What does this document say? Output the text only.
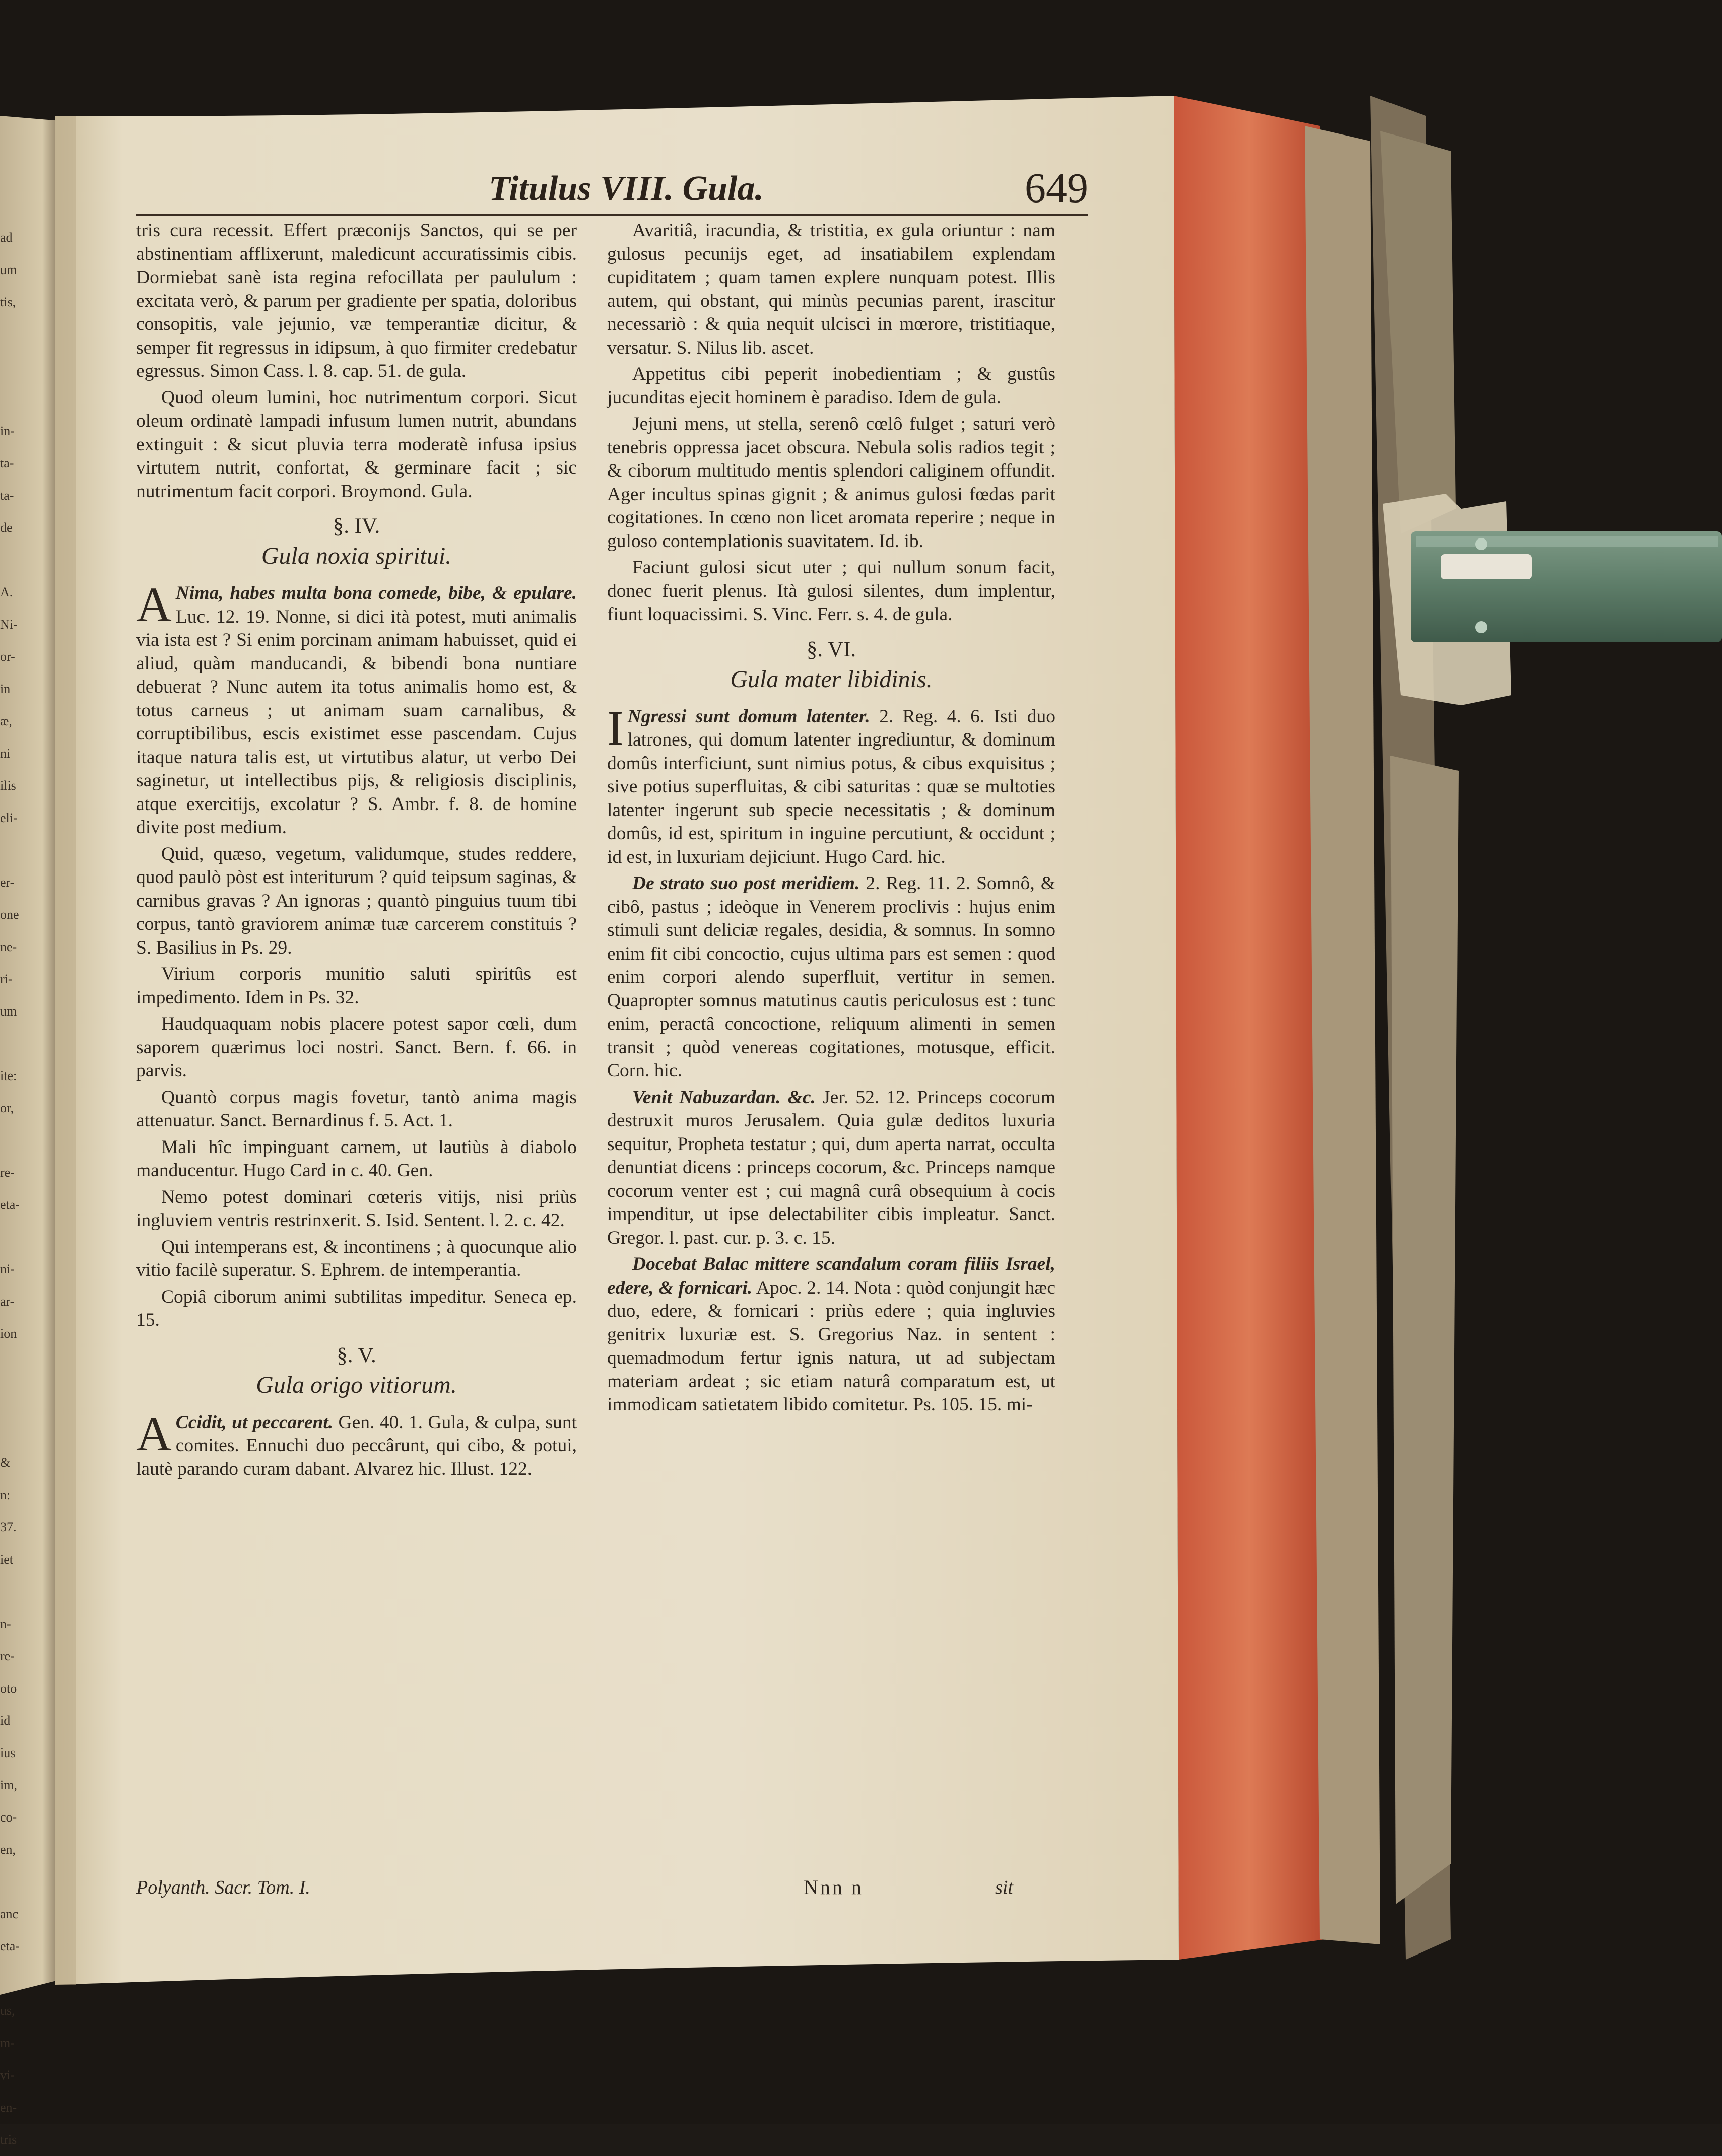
ad
um
tis,
in-
ta-
ta-
de
A.
Ni-
or-
in
æ,
ni
ilis
eli-
er-
one
ne-
ri-
um
ite:
or,
re-
eta-
ni-
ar-
ion
&
n:
37.
iet
n-
re-
oto
id
ius
im,
co-
en,
anc
eta-
us,
m-
vi-
en-
tris
Titulus VIII. Gula.	649

tris cura recessit. Effert præconijs Sanctos, qui se per abstinentiam afflixerunt, maledicunt accuratissimis cibis. Dormiebat sanè ista regina refocillata per paululum : excitata verò, & parum per gradiente per spatia, doloribus consopitis, vale jejunio, væ temperantiæ dicitur, & semper fit regressus in idipsum, à quo firmiter credebatur egressus. Simon Cass. l. 8. cap. 51. de gula.

Quod oleum lumini, hoc nutrimentum corpori. Sicut oleum ordinatè lampadi infusum lumen nutrit, abundans extinguit : & sicut pluvia terra moderatè infusa ipsius virtutem nutrit, confortat, & germinare facit ; sic nutrimentum facit corpori. Broymond. Gula.

§. IV.
Gula noxia spiritui.

A Nima, habes multa bona comede, bibe, & epulare. Luc. 12. 19. Nonne, si dici ità potest, muti animalis via ista est ? Si enim porcinam animam habuisset, quid ei aliud, quàm manducandi, & bibendi bona nuntiare debuerat ? Nunc autem ita totus animalis homo est, & totus carneus ; ut animam suam carnalibus, & corruptibilibus, escis existimet esse pascendam. Cujus itaque natura talis est, ut virtutibus alatur, ut verbo Dei saginetur, ut intellectibus pijs, & religiosis disciplinis, atque exercitijs, excolatur ? S. Ambr. f. 8. de homine divite post medium.

Quid, quæso, vegetum, validumque, studes reddere, quod paulò pòst est interiturum ? quid teipsum saginas, & carnibus gravas ? An ignoras ; quantò pinguius tuum tibi corpus, tantò graviorem animæ tuæ carcerem constituis ? S. Basilius in Ps. 29.

Virium corporis munitio saluti spiritûs est impedimento. Idem in Ps. 32.

Haudquaquam nobis placere potest sapor cœli, dum saporem quærimus loci nostri. Sanct. Bern. f. 66. in parvis.

Quantò corpus magis fovetur, tantò anima magis attenuatur. Sanct. Bernardinus f. 5. Act. 1.

Mali hîc impinguant carnem, ut lautiùs à diabolo manducentur. Hugo Card in c. 40. Gen.

Nemo potest dominari cœteris vitijs, nisi priùs ingluviem ventris restrinxerit. S. Isid. Sentent. l. 2. c. 42.

Qui intemperans est, & incontinens ; à quocunque alio vitio facilè superatur. S. Ephrem. de intemperantia.

Copiâ ciborum animi subtilitas impeditur. Seneca ep. 15.

§. V.
Gula origo vitiorum.

A Ccidit, ut peccarent. Gen. 40. 1. Gula, & culpa, sunt comites. Ennuchi duo peccârunt, qui cibo, & potui, lautè parando curam dabant. Alvarez hic. Illust. 122.

Avaritiâ, iracundia, & tristitia, ex gula oriuntur : nam gulosus pecunijs eget, ad insatiabilem explendam cupiditatem ; quam tamen explere nunquam potest. Illis autem, qui obstant, qui minùs pecunias parent, irascitur necessariò : & quia nequit ulcisci in mœrore, tristitiaque, versatur. S. Nilus lib. ascet.

Appetitus cibi peperit inobedientiam ; & gustûs jucunditas ejecit hominem è paradiso. Idem de gula.

Jejuni mens, ut stella, serenô cœlô fulget ; saturi verò tenebris oppressa jacet obscura. Nebula solis radios tegit ; & ciborum multitudo mentis splendori caliginem offundit. Ager incultus spinas gignit ; & animus gulosi fœdas parit cogitationes. In cœno non licet aromata reperire ; neque in guloso contemplationis suavitatem. Id. ib.

Faciunt gulosi sicut uter ; qui nullum sonum facit, donec fuerit plenus. Ità gulosi silentes, dum implentur, fiunt loquacissimi. S. Vinc. Ferr. s. 4. de gula.

§. VI.
Gula mater libidinis.

I Ngressi sunt domum latenter. 2. Reg. 4. 6. Isti duo latrones, qui domum latenter ingrediuntur, & dominum domûs interficiunt, sunt nimius potus, & cibus exquisitus ; sive potius superfluitas, & cibi saturitas : quæ se multoties latenter ingerunt sub specie necessitatis ; & dominum domûs, id est, spiritum in inguine percutiunt, & occidunt ; id est, in luxuriam dejiciunt. Hugo Card. hic.

De strato suo post meridiem. 2. Reg. 11. 2. Somnô, & cibô, pastus ; ideòque in Venerem proclivis : hujus enim stimuli sunt deliciæ regales, desidia, & somnus. In somno enim fit cibi concoctio, cujus ultima pars est semen : quod enim corpori alendo superfluit, vertitur in semen. Quapropter somnus matutinus cautis periculosus est : tunc enim, peractâ concoctione, reliquum alimenti in semen transit ; quòd venereas cogitationes, motusque, efficit. Corn. hic.

Venit Nabuzardan. &c. Jer. 52. 12. Princeps cocorum destruxit muros Jerusalem. Quia gulæ deditos luxuria sequitur, Propheta testatur ; qui, dum aperta narrat, occulta denuntiat dicens : princeps cocorum, &c. Princeps namque cocorum venter est ; cui magnâ curâ obsequium à cocis impenditur, ut ipse delectabiliter cibis impleatur. Sanct. Gregor. l. past. cur. p. 3. c. 15.

Docebat Balac mittere scandalum coram filiis Israel, edere, & fornicari. Apoc. 2. 14. Nota : quòd conjungit hæc duo, edere, & fornicari : priùs edere ; quia ingluvies genitrix luxuriæ est. S. Gregorius Naz. in sentent : quemadmodum fertur ignis natura, ut ad subjectam materiam ardeat ; sic etiam naturâ comparatum est, ut immodicam satietatem libido comitetur. Ps. 105. 15. mi-

Polyanth. Sacr. Tom. I.	Nnn n	sit
